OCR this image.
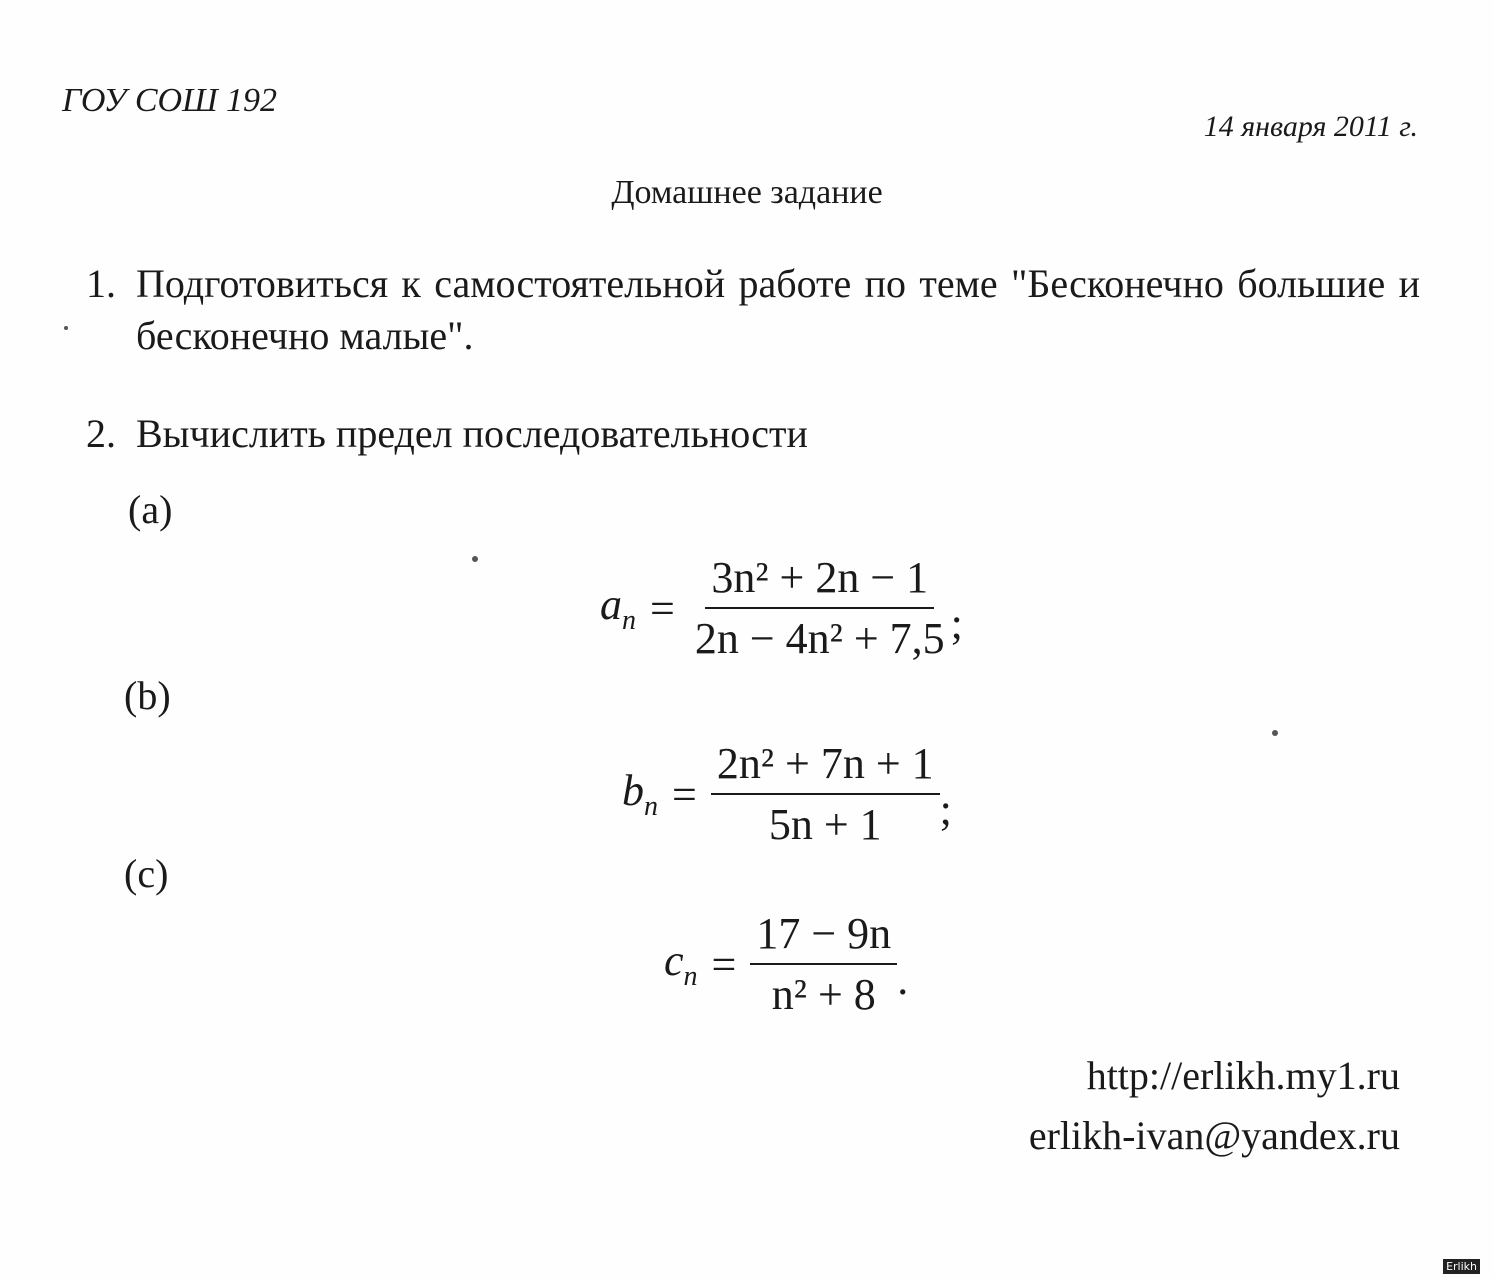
ГОУ СОШ 192
14 января 2011 г.
Домашнее задание
1. Подготовиться к самостоятельной работе по теме "Бесконечно большие и бесконечно малые".
2. Вычислить предел последовательности
(a)
$a_n = \frac{\text{3n² + 2n − 1}}{\text{2n − 4n² + 7,5}}$ ;
(b)
$b_n = \frac{\text{2n² + 7n + 1}}{5n + 1}$ ;
(c)
$c_n = \frac{17 - 9n}{\text{n² + 8}}$ .
http://erlikh.my1.ru
erlikh-ivan@yandex.ru
Erlikh
